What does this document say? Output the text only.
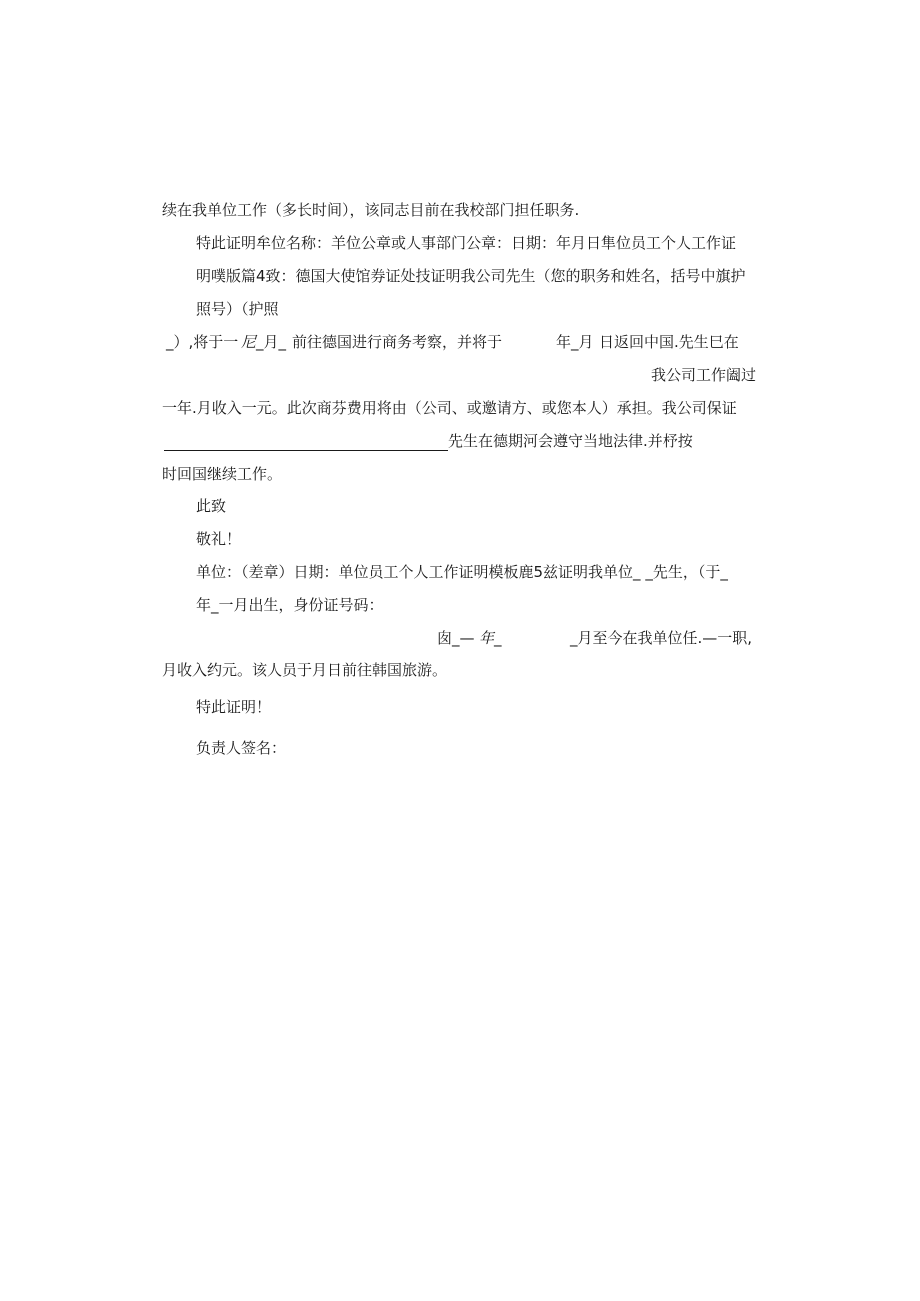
续在我单位工作（多长时间），该同志目前在我校部门担任职务.
特此证明牟位名称：羊位公章或人事部门公章：日期：年月日隼位员工个人工作证
明噗版篇4致：德国大使馆券证处技证明我公司先生（您的职务和姓名，括号中旗护
照号）（护照
_）,将于一 尼 _月_ 前往德国进行商务考察，并将于	年_月 日返回中国.先生巳在
我公司工作阖过
一年.月收入一元。此次商芬费用将由（公司、或邀请方、或您本人）承担。我公司保证
先生在德期河会遵守当地法律.并杼按
时回国继续工作。
此致
敬礼！
单位：（差章）日期：单位员工个人工作证明模板鹿5兹证明我单位_ _先生，（于_
年_一月出生，身份证号码：
囱_— 年 _	_月至今在我单位任.—一职,
月收入约元。该人员于月日前往韩国旅游。
特此证明！
负责人签名：
